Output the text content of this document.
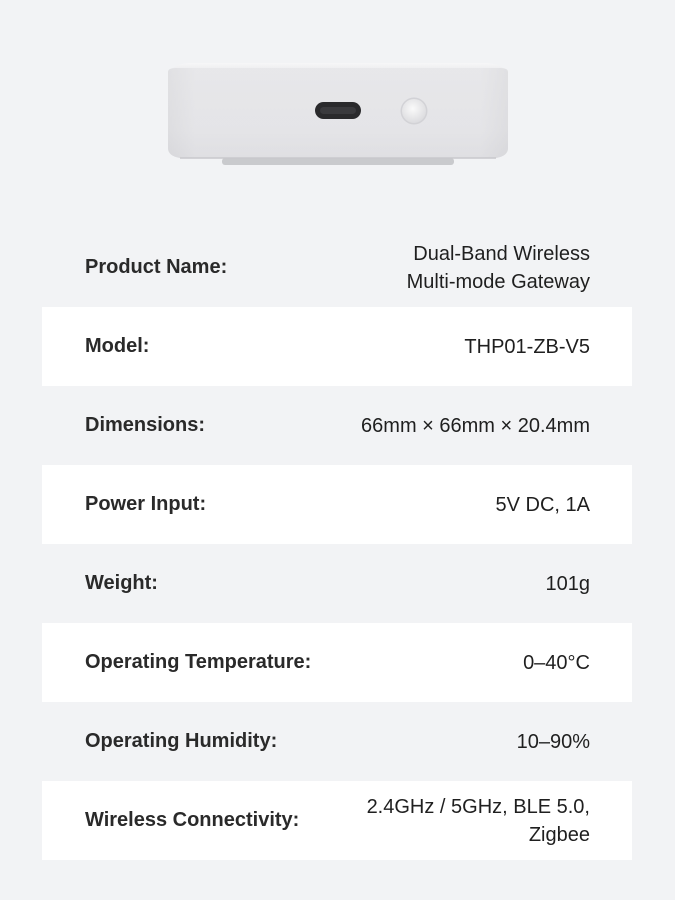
Product Name:
Dual-Band Wireless
Multi-mode Gateway
Model:	THP01-ZB-V5
Dimensions:	66mm × 66mm × 20.4mm
Power Input:	5V DC, 1A
Weight:	101g
Operating Temperature:	0–40°C
Operating Humidity:	10–90%
Wireless Connectivity:
2.4GHz / 5GHz, BLE 5.0,
Zigbee
